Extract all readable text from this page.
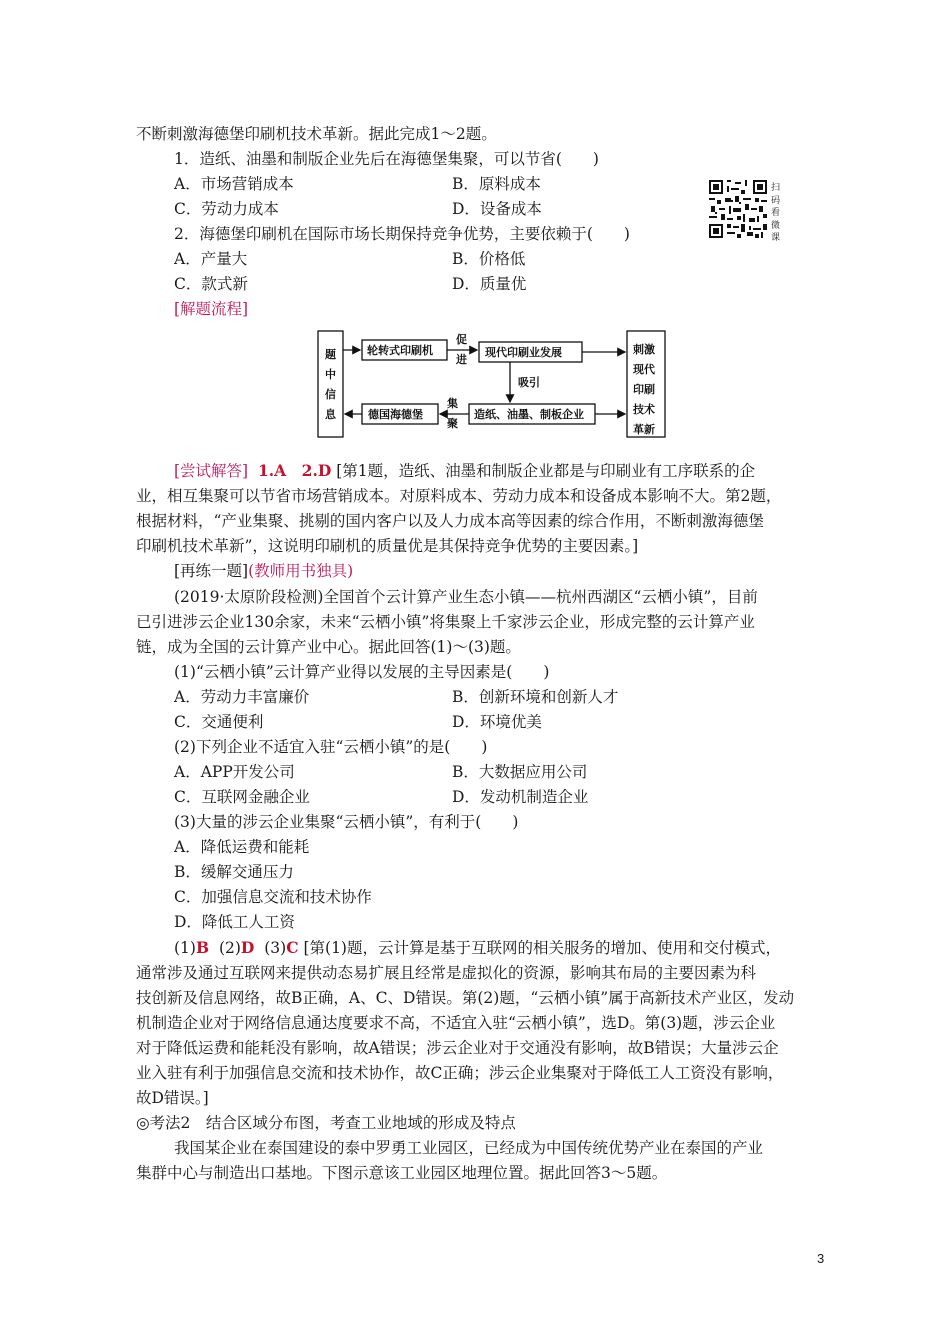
不断刺激海德堡印刷机技术革新。据此完成1～2题。
1．造纸、油墨和制版企业先后在海德堡集聚，可以节省(　　)
A．市场营销成本	B．原料成本
C．劳动力成本	D．设备成本
2．海德堡印刷机在国际市场长期保持竞争优势，主要依赖于(　　)
A．产量大	B．价格低
C．款式新	D．质量优
扫码看微课
[解题流程]
题
中
信
息
轮转式印刷机
促
进
现代印刷业发展
吸引
造纸、油墨、制板企业
集
聚
德国海德堡
刺激
现代
印刷
技术
革新
[尝试解答] 1.A　2.D [第1题，造纸、油墨和制版企业都是与印刷业有工序联系的企
业，相互集聚可以节省市场营销成本。对原料成本、劳动力成本和设备成本影响不大。第2题，
根据材料，“产业集聚、挑剔的国内客户以及人力成本高等因素的综合作用，不断刺激海德堡
印刷机技术革新”，这说明印刷机的质量优是其保持竞争优势的主要因素。]
[再练一题](教师用书独具)
(2019·太原阶段检测)全国首个云计算产业生态小镇——杭州西湖区“云栖小镇”，目前
已引进涉云企业130余家，未来“云栖小镇”将集聚上千家涉云企业，形成完整的云计算产业
链，成为全国的云计算产业中心。据此回答(1)～(3)题。
(1)“云栖小镇”云计算产业得以发展的主导因素是(　　)
A．劳动力丰富廉价	B．创新环境和创新人才
C．交通便利	D．环境优美
(2)下列企业不适宜入驻“云栖小镇”的是(　　)
A．APP开发公司	B．大数据应用公司
C．互联网金融企业	D．发动机制造企业
(3)大量的涉云企业集聚“云栖小镇”，有利于(　　)
A．降低运费和能耗
B．缓解交通压力
C．加强信息交流和技术协作
D．降低工人工资
(1)B (2)D (3)C [第(1)题，云计算是基于互联网的相关服务的增加、使用和交付模式，
通常涉及通过互联网来提供动态易扩展且经常是虚拟化的资源，影响其布局的主要因素为科
技创新及信息网络，故B正确，A、C、D错误。第(2)题，“云栖小镇”属于高新技术产业区，发动
机制造企业对于网络信息通达度要求不高，不适宜入驻“云栖小镇”，选D。第(3)题，涉云企业
对于降低运费和能耗没有影响，故A错误；涉云企业对于交通没有影响，故B错误；大量涉云企
业入驻有利于加强信息交流和技术协作，故C正确；涉云企业集聚对于降低工人工资没有影响，
故D错误。]
◎考法2　结合区域分布图，考查工业地域的形成及特点
我国某企业在泰国建设的泰中罗勇工业园区，已经成为中国传统优势产业在泰国的产业
集群中心与制造出口基地。下图示意该工业园区地理位置。据此回答3～5题。
3
